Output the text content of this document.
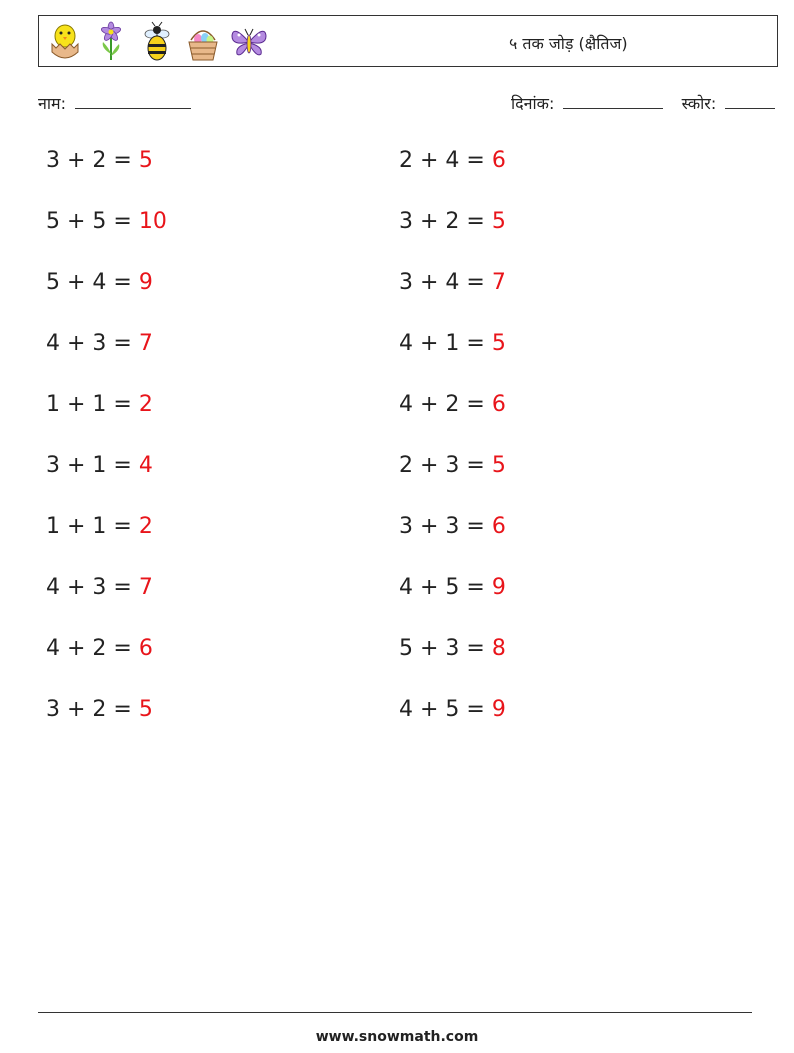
५ तक जोड़ (क्षैतिज)
नाम:	दिनांक:	स्कोर:
3 + 2 = 5	2 + 4 = 6
5 + 5 = 10	3 + 2 = 5
5 + 4 = 9	3 + 4 = 7
4 + 3 = 7	4 + 1 = 5
1 + 1 = 2	4 + 2 = 6
3 + 1 = 4	2 + 3 = 5
1 + 1 = 2	3 + 3 = 6
4 + 3 = 7	4 + 5 = 9
4 + 2 = 6	5 + 3 = 8
3 + 2 = 5	4 + 5 = 9
www.snowmath.com
